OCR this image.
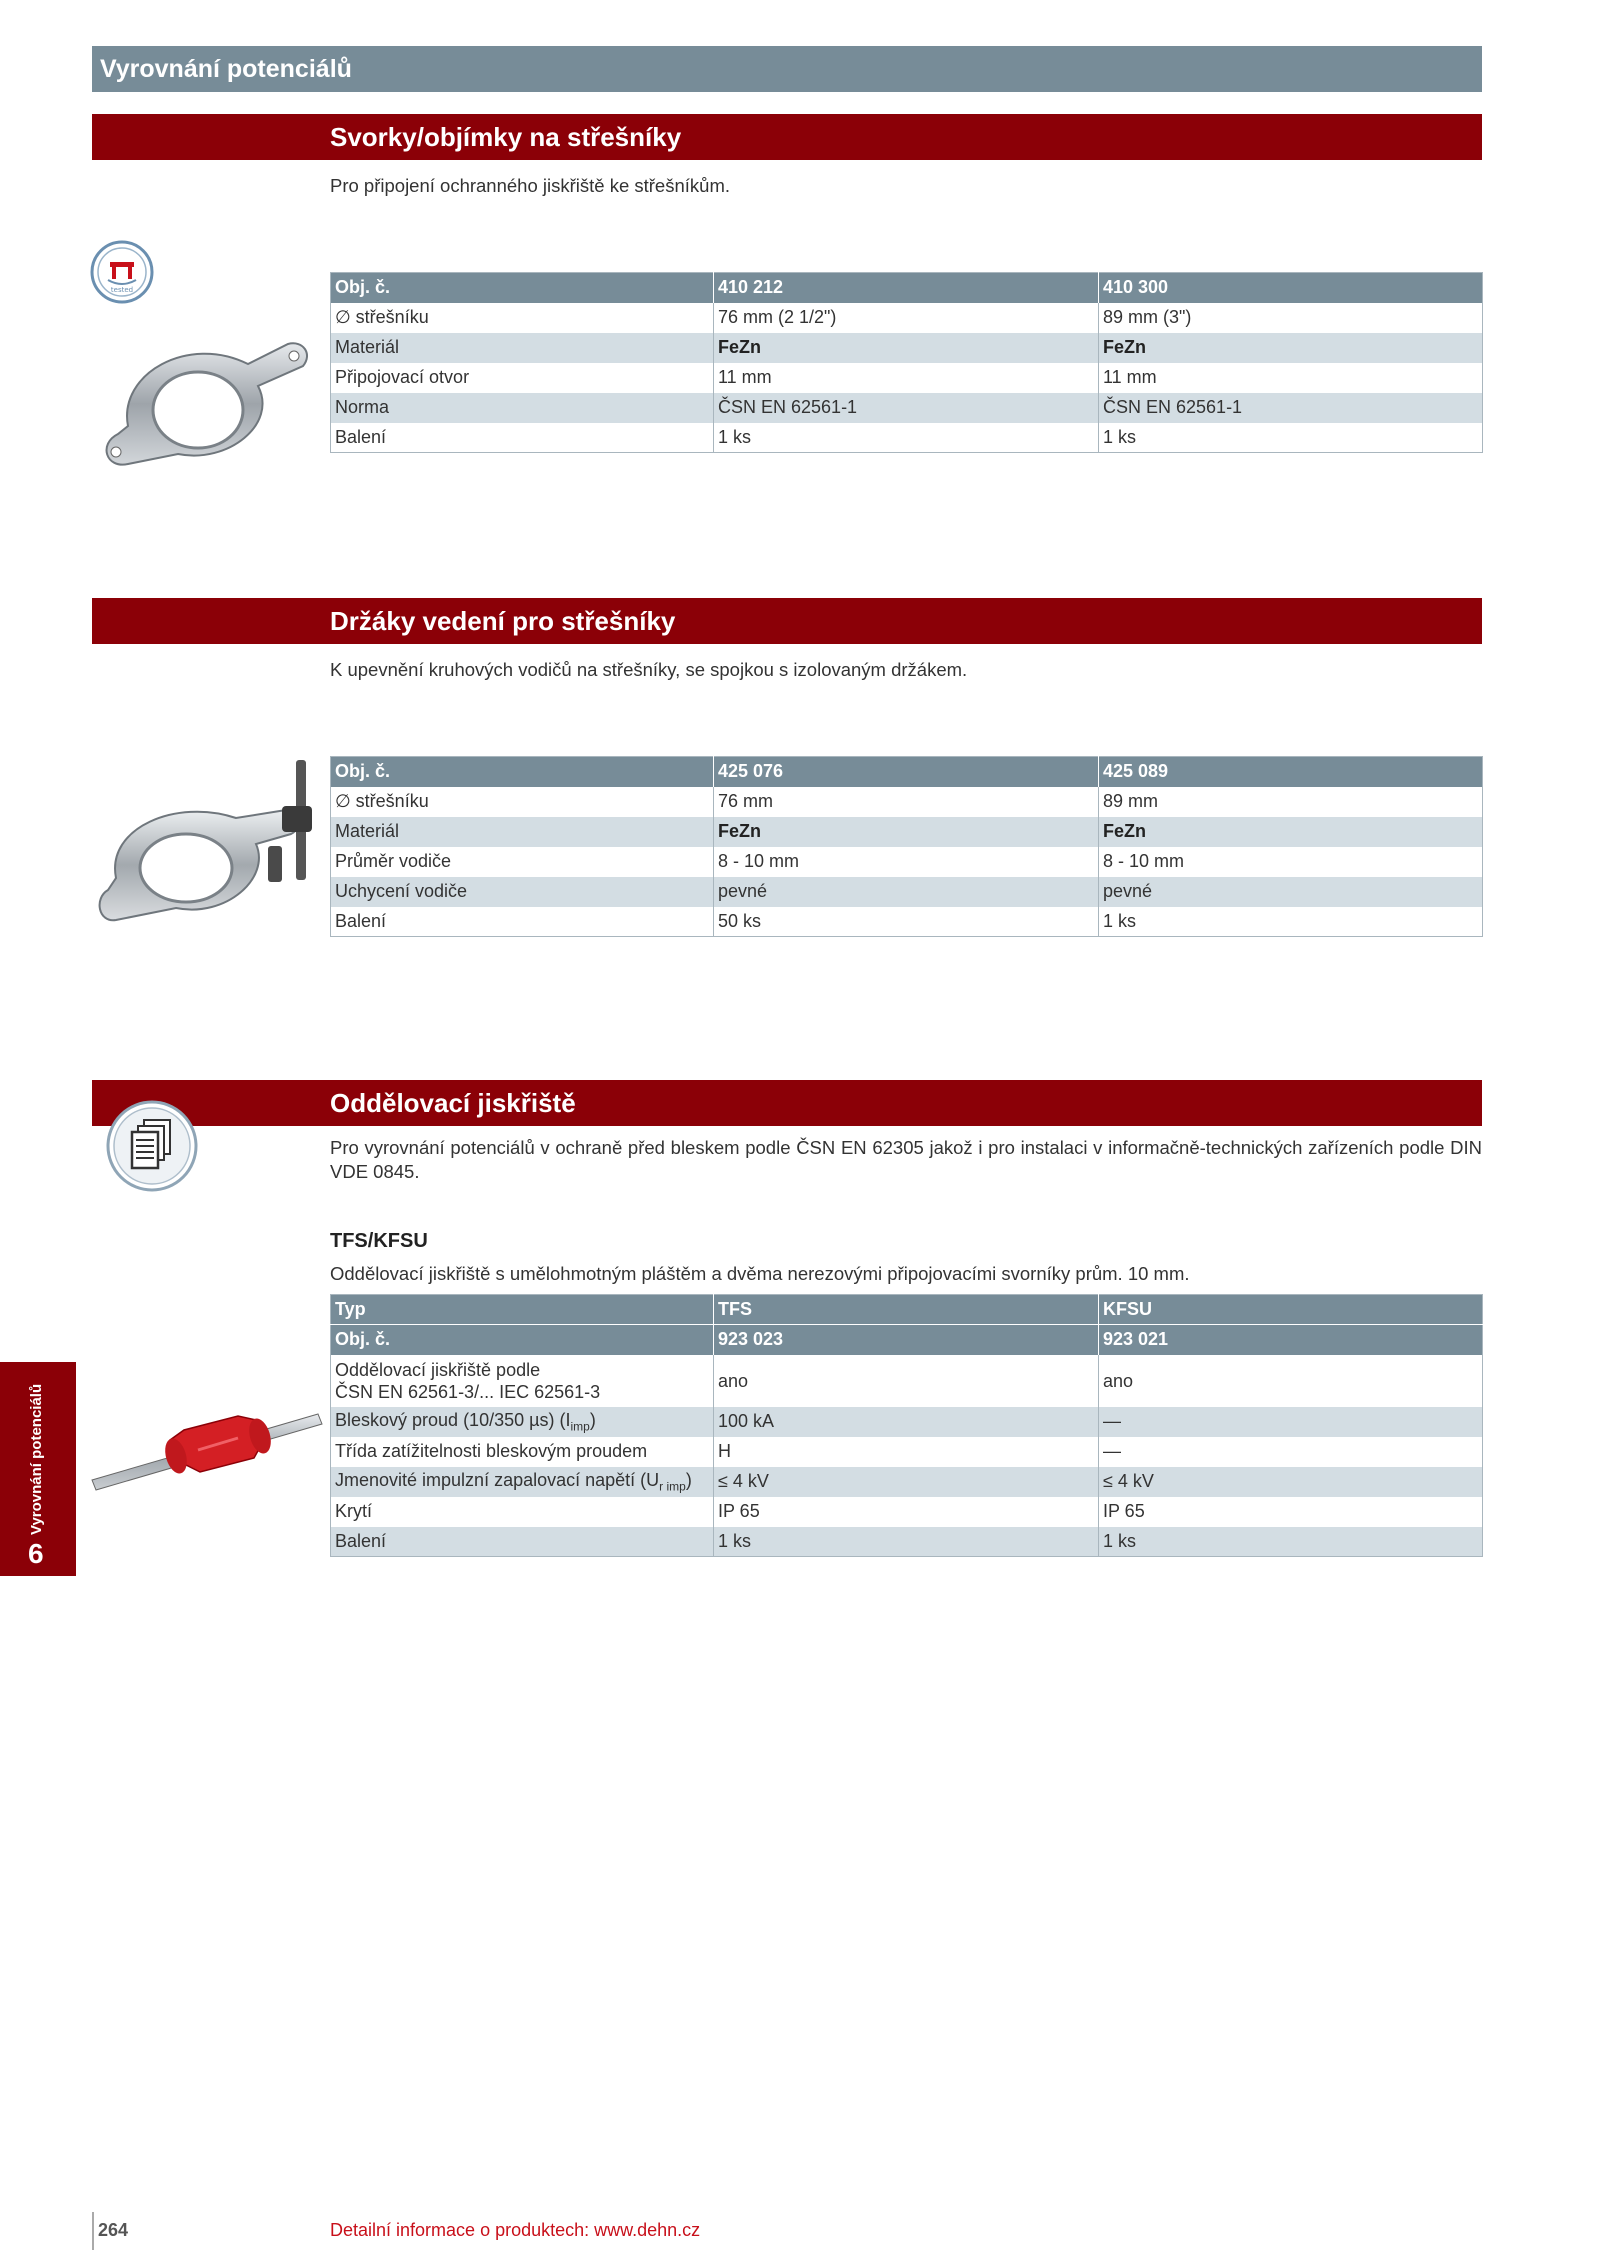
Vyrovnání potenciálů
Svorky/objímky na střešníky
Pro připojení ochranného jiskřiště ke střešníkům.
tested	Obj. č.	410 212	410 300
∅ střešníku	76 mm (2 1/2")	89 mm (3")
Materiál	FeZn	FeZn
Připojovací otvor	11 mm	11 mm
Norma	ČSN EN 62561-1	ČSN EN 62561-1
Balení	1 ks	1 ks
Držáky vedení pro střešníky
K upevnění kruhových vodičů na střešníky, se spojkou s izolovaným držákem.
Obj. č.	425 076	425 089
∅ střešníku	76 mm	89 mm
Materiál	FeZn	FeZn
Průměr vodiče	8 - 10 mm	8 - 10 mm
Uchycení vodiče	pevné	pevné
Balení	50 ks	1 ks
Oddělovací jiskřiště
Pro vyrovnání potenciálů v ochraně před bleskem podle ČSN EN 62305 jakož i pro instalaci v informačně-technických zařízeních podle DIN VDE 0845.
TFS/KFSU
Oddělovací jiskřiště s umělohmotným pláštěm a dvěma nerezovými připojovacími svorníky prům. 10 mm.
Typ	TFS	KFSU
Obj. č.	923 023	923 021

Oddělovací jiskřiště podle
ČSN EN 62561-3/... IEC 62561-3	ano	ano
Bleskový proud (10/350 µs) $(I_{imp})$	100 kA	—
Třída zatížitelnosti bleskovým proudem	H	—
Jmenovité impulzní zapalovací napětí $(U_{r imp})$	≤ 4 kV	≤ 4 kV
Krytí	IP 65	IP 65
Balení	1 ks	1 ks
Vyrovnání potenciálů
6
264	Detailní informace o produktech: www.dehn.cz
